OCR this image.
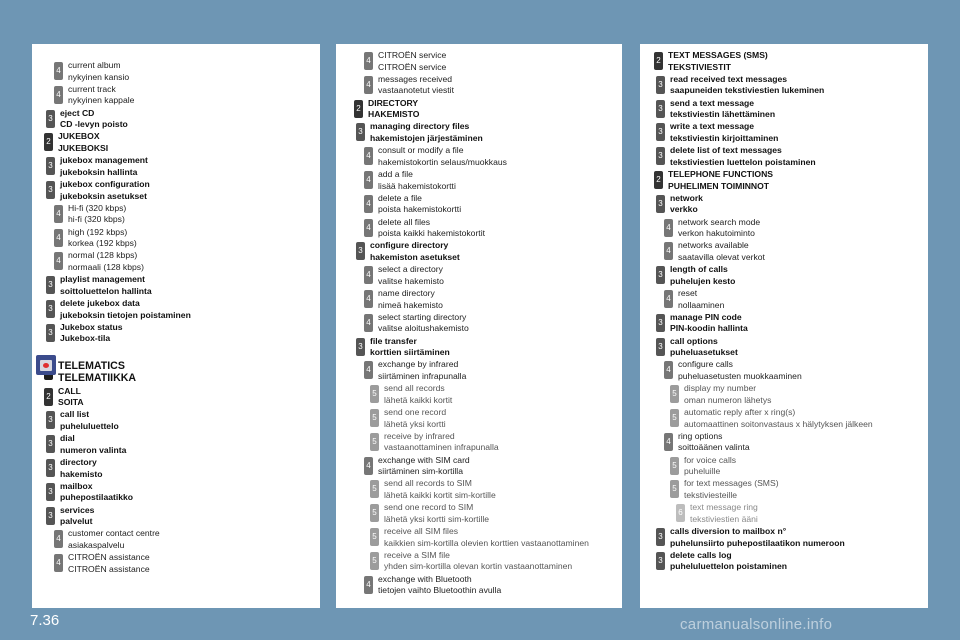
4
current album
nykyinen kansio
4
current track
nykyinen kappale
3
eject CD
CD -levyn poisto
2
JUKEBOX
JUKEBOKSI
3
jukebox management
jukeboksin hallinta
3
jukebox configuration
jukeboksin asetukset
4
Hi-fi (320 kbps)
hi-fi (320 kbps)
4
high (192 kbps)
korkea (192 kbps)
4
normal (128 kbps)
normaali (128 kbps)
3
playlist management
soittoluettelon hallinta
3
delete jukebox data
jukeboksin tietojen poistaminen
3
Jukebox status
Jukebox-tila
TELEMATICS
TELEMATIIKKA
2
CALL
SOITA
3
call list
puheluluettelo
3
dial
numeron valinta
3
directory
hakemisto
3
mailbox
puhepostilaatikko
3
services
palvelut
4
customer contact centre
asiakaspalvelu
4
CITROËN assistance
CITROËN assistance
4
CITROËN service
CITROËN service
4
messages received
vastaanotetut viestit
2
DIRECTORY
HAKEMISTO
3
managing directory files
hakemistojen järjestäminen
4
consult or modify a file
hakemistokortin selaus/muokkaus
4
add a file
lisää hakemistokortti
4
delete a file
poista hakemistokortti
4
delete all files
poista kaikki hakemistokortit
3
configure directory
hakemiston asetukset
4
select a directory
valitse hakemisto
4
name directory
nimeä hakemisto
4
select starting directory
valitse aloitushakemisto
3
file transfer
korttien siirtäminen
4
exchange by infrared
siirtäminen infrapunalla
5
send all records
lähetä kaikki kortit
5
send one record
lähetä yksi kortti
5
receive by infrared
vastaanottaminen infrapunalla
4
exchange with SIM card
siirtäminen sim-kortilla
5
send all records to SIM
lähetä kaikki kortit sim-kortille
5
send one record to SIM
lähetä yksi kortti sim-kortille
5
receive all SIM files
kaikkien sim-kortilla olevien korttien vastaanottaminen
5
receive a SIM file
yhden sim-kortilla olevan kortin vastaanottaminen
4
exchange with Bluetooth
tietojen vaihto Bluetoothin avulla
2
TEXT MESSAGES (SMS)
TEKSTIVIESTIT
3
read received text messages
saapuneiden tekstiviestien lukeminen
3
send a text message
tekstiviestin lähettäminen
3
write a text message
tekstiviestin kirjoittaminen
3
delete list of text messages
tekstiviestien luettelon poistaminen
2
TELEPHONE FUNCTIONS
PUHELIMEN TOIMINNOT
3
network
verkko
4
network search mode
verkon hakutoiminto
4
networks available
saatavilla olevat verkot
3
length of calls
puhelujen kesto
4
reset
nollaaminen
3
manage PIN code
PIN-koodin hallinta
3
call options
puheluasetukset
4
configure calls
puheluasetusten muokkaaminen
5
display my number
oman numeron lähetys
5
automatic reply after x ring(s)
automaattinen soitonvastaus x hälytyksen jälkeen
4
ring options
soittoäänen valinta
5
for voice calls
puheluille
5
for text messages (SMS)
tekstiviesteille
6
text message ring
tekstiviestien ääni
3
calls diversion to mailbox n°
puhelunsiirto puhepostilaatikon numeroon
3
delete calls log
puheluluettelon poistaminen
7.36	carmanualsonline.info
